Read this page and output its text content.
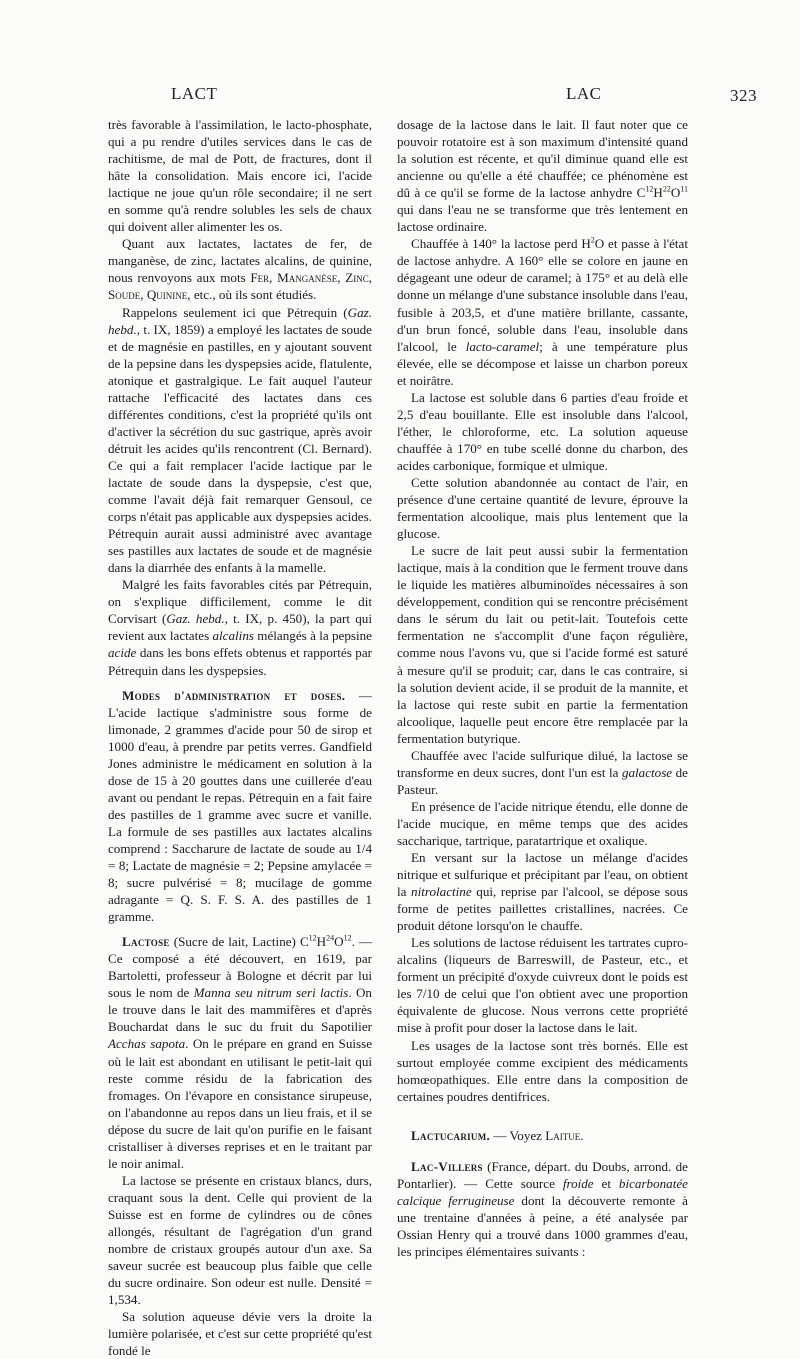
LACT	LAC	323

très favorable à l'assimilation, le lacto-phosphate, qui a pu rendre d'utiles services dans le cas de rachitisme, de mal de Pott, de fractures, dont il hâte la consolidation. Mais encore ici, l'acide lactique ne joue qu'un rôle secondaire; il ne sert en somme qu'à rendre solubles les sels de chaux qui doivent aller alimenter les os.

Quant aux lactates, lactates de fer, de manganèse, de zinc, lactates alcalins, de quinine, nous renvoyons aux mots Fer, Manganèse, Zinc, Soude, Quinine, etc., où ils sont étudiés.

Rappelons seulement ici que Pétrequin (Gaz. hebd., t. IX, 1859) a employé les lactates de soude et de magnésie en pastilles, en y ajoutant souvent de la pepsine dans les dyspepsies acide, flatulente, atonique et gastralgique. Le fait auquel l'auteur rattache l'efficacité des lactates dans ces différentes conditions, c'est la propriété qu'ils ont d'activer la sécrétion du suc gastrique, après avoir détruit les acides qu'ils rencontrent (Cl. Bernard). Ce qui a fait remplacer l'acide lactique par le lactate de soude dans la dyspepsie, c'est que, comme l'avait déjà fait remarquer Gensoul, ce corps n'était pas applicable aux dyspepsies acides. Pétrequin aurait aussi administré avec avantage ses pastilles aux lactates de soude et de magnésie dans la diarrhée des enfants à la mamelle.

Malgré les faits favorables cités par Pétrequin, on s'explique difficilement, comme le dit Corvisart (Gaz. hebd., t. IX, p. 450), la part qui revient aux lactates alcalins mélangés à la pepsine acide dans les bons effets obtenus et rapportés par Pétrequin dans les dyspepsies.

Modes d'administration et doses. — L'acide lactique s'administre sous forme de limonade, 2 grammes d'acide pour 50 de sirop et 1000 d'eau, à prendre par petits verres. Gandfield Jones administre le médicament en solution à la dose de 15 à 20 gouttes dans une cuillerée d'eau avant ou pendant le repas. Pétrequin en a fait faire des pastilles de 1 gramme avec sucre et vanille. La formule de ses pastilles aux lactates alcalins comprend : Saccharure de lactate de soude au 1/4 = 8; Lactate de magnésie = 2; Pepsine amylacée = 8; sucre pulvérisé = 8; mucilage de gomme adragante = Q. S. F. S. A. des pastilles de 1 gramme.

Lactose (Sucre de lait, Lactine) $C^{12}H^{24}O^{12}$. — Ce composé a été découvert, en 1619, par Bartoletti, professeur à Bologne et décrit par lui sous le nom de Manna seu nitrum seri lactis. On le trouve dans le lait des mammifères et d'après Bouchardat dans le suc du fruit du Sapotilier Acchas sapota. On le prépare en grand en Suisse où le lait est abondant en utilisant le petit-lait qui reste comme résidu de la fabrication des fromages. On l'évapore en consistance sirupeuse, on l'abandonne au repos dans un lieu frais, et il se dépose du sucre de lait qu'on purifie en le faisant cristalliser à diverses reprises et en le traitant par le noir animal.

La lactose se présente en cristaux blancs, durs, craquant sous la dent. Celle qui provient de la Suisse est en forme de cylindres ou de cônes allongés, résultant de l'agrégation d'un grand nombre de cristaux groupés autour d'un axe. Sa saveur sucrée est beaucoup plus faible que celle du sucre ordinaire. Son odeur est nulle. Densité = 1,534.

Sa solution aqueuse dévie vers la droite la lumière polarisée, et c'est sur cette propriété qu'est fondé le

dosage de la lactose dans le lait. Il faut noter que ce pouvoir rotatoire est à son maximum d'intensité quand la solution est récente, et qu'il diminue quand elle est ancienne ou qu'elle a été chauffée; ce phénomène est dû à ce qu'il se forme de la lactose anhydre $C^{12}H^{22}O^{11}$ qui dans l'eau ne se transforme que très lentement en lactose ordinaire.

Chauffée à 140° la lactose perd $H^2O$ et passe à l'état de lactose anhydre. A 160° elle se colore en jaune en dégageant une odeur de caramel; à 175° et au delà elle donne un mélange d'une substance insoluble dans l'eau, fusible à 203,5, et d'une matière brillante, cassante, d'un brun foncé, soluble dans l'eau, insoluble dans l'alcool, le lacto-caramel; à une température plus élevée, elle se décompose et laisse un charbon poreux et noirâtre.

La lactose est soluble dans 6 parties d'eau froide et 2,5 d'eau bouillante. Elle est insoluble dans l'alcool, l'éther, le chloroforme, etc. La solution aqueuse chauffée à 170° en tube scellé donne du charbon, des acides carbonique, formique et ulmique.

Cette solution abandonnée au contact de l'air, en présence d'une certaine quantité de levure, éprouve la fermentation alcoolique, mais plus lentement que la glucose.

Le sucre de lait peut aussi subir la fermentation lactique, mais à la condition que le ferment trouve dans le liquide les matières albuminoïdes nécessaires à son développement, condition qui se rencontre précisément dans le sérum du lait ou petit-lait. Toutefois cette fermentation ne s'accomplit d'une façon régulière, comme nous l'avons vu, que si l'acide formé est saturé à mesure qu'il se produit; car, dans le cas contraire, si la solution devient acide, il se produit de la mannite, et la lactose qui reste subit en partie la fermentation alcoolique, laquelle peut encore être remplacée par la fermentation butyrique.

Chauffée avec l'acide sulfurique dilué, la lactose se transforme en deux sucres, dont l'un est la galactose de Pasteur.

En présence de l'acide nitrique étendu, elle donne de l'acide mucique, en même temps que des acides saccharique, tartrique, paratartrique et oxalique.

En versant sur la lactose un mélange d'acides nitrique et sulfurique et précipitant par l'eau, on obtient la nitrolactine qui, reprise par l'alcool, se dépose sous forme de petites paillettes cristallines, nacrées. Ce produit détone lorsqu'on le chauffe.

Les solutions de lactose réduisent les tartrates cupro-alcalins (liqueurs de Barreswill, de Pasteur, etc., et forment un précipité d'oxyde cuivreux dont le poids est les 7/10 de celui que l'on obtient avec une proportion équivalente de glucose. Nous verrons cette propriété mise à profit pour doser la lactose dans le lait.

Les usages de la lactose sont très bornés. Elle est surtout employée comme excipient des médicaments homœopathiques. Elle entre dans la composition de certaines poudres dentifrices.

Lactucarium. — Voyez Laitue.

Lac-Villers (France, départ. du Doubs, arrond. de Pontarlier). — Cette source froide et bicarbonatée calcique ferrugineuse dont la découverte remonte à une trentaine d'années à peine, a été analysée par Ossian Henry qui a trouvé dans 1000 grammes d'eau, les principes élémentaires suivants :
